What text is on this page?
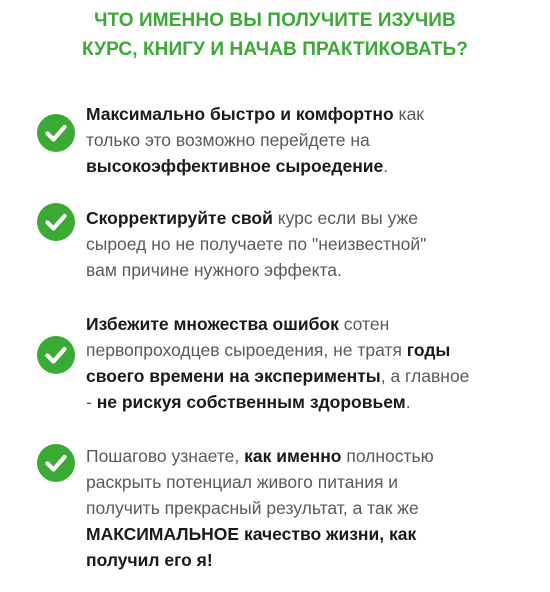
ЧТО ИМЕННО ВЫ ПОЛУЧИТЕ ИЗУЧИВ
КУРС, КНИГУ И НАЧАВ ПРАКТИКОВАТЬ?
Максимально быстро и комфортно как
только это возможно перейдете на
высокоэффективное сыроедение.
Скорректируйте свой курс если вы уже
сыроед но не получаете по "неизвестной"
вам причине нужного эффекта.
Избежите множества ошибок сотен
первопроходцев сыроедения, не тратя годы
своего времени на эксперименты, а главное
- не рискуя собственным здоровьем.
Пошагово узнаете, как именно полностью
раскрыть потенциал живого питания и
получить прекрасный результат, а так же
МАКСИМАЛЬНОЕ качество жизни, как
получил его я!
